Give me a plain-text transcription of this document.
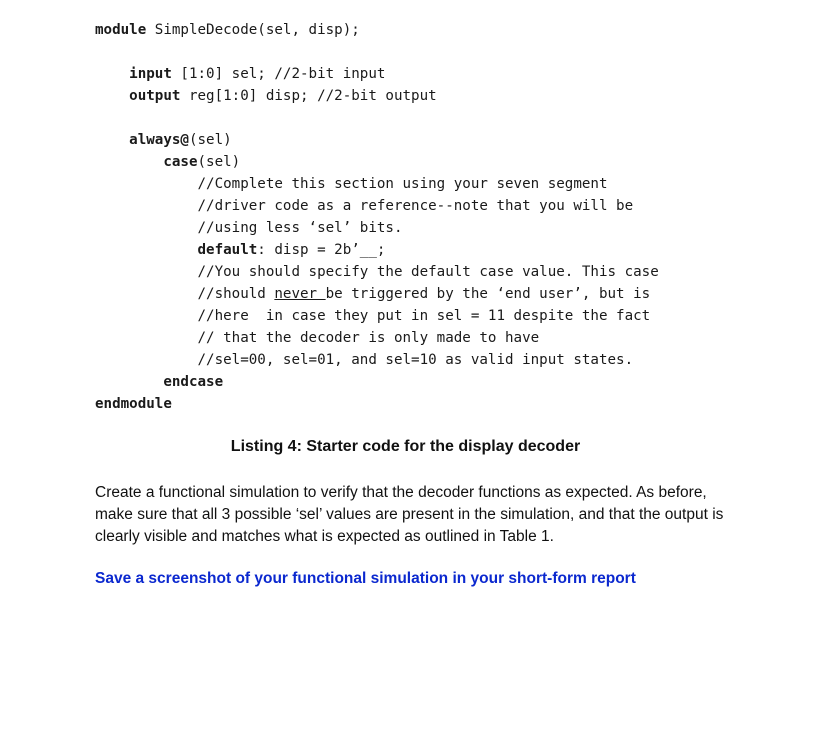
module SimpleDecode(sel, disp);
input [1:0] sel; //2-bit input
output reg[1:0] disp; //2-bit output
always@(sel)
case(sel)
//Complete this section using your seven segment
//driver code as a reference--note that you will be
//using less ‘sel’ bits.
default: disp = 2b’__;
//You should specify the default case value. This case
//should never be triggered by the ‘end user’, but is
//here  in case they put in sel = 11 despite the fact
// that the decoder is only made to have
//sel=00, sel=01, and sel=10 as valid input states.
endcase
endmodule
Listing 4: Starter code for the display decoder
Create a functional simulation to verify that the decoder functions as expected. As before, make sure that all 3 possible ‘sel’ values are present in the simulation, and that the output is clearly visible and matches what is expected as outlined in Table 1.
Save a screenshot of your functional simulation in your short-form report
